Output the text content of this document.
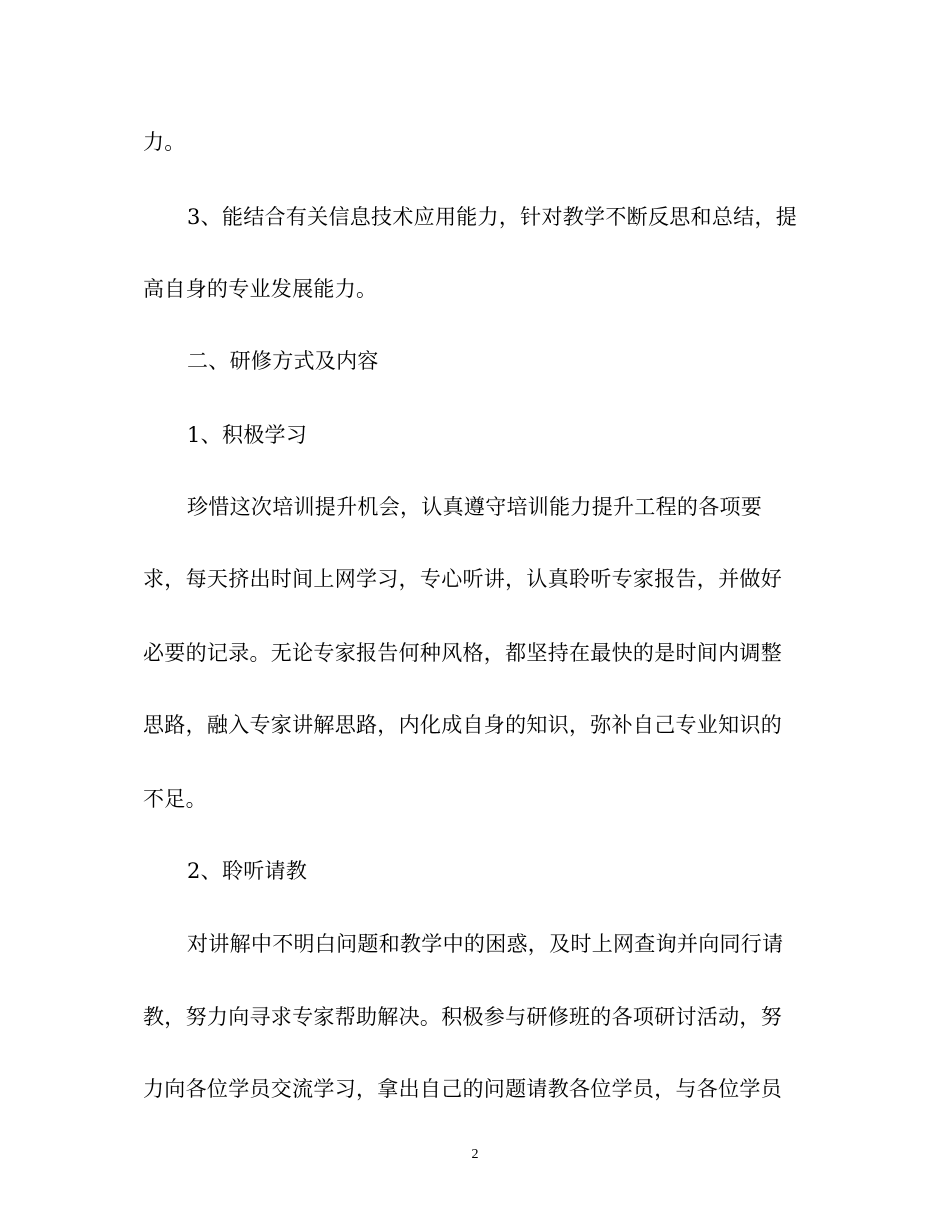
力。
3、能结合有关信息技术应用能力，针对教学不断反思和总结，提
高自身的专业发展能力。
二、研修方式及内容
1、积极学习
珍惜这次培训提升机会，认真遵守培训能力提升工程的各项要
求，每天挤出时间上网学习，专心听讲，认真聆听专家报告，并做好
必要的记录。无论专家报告何种风格，都坚持在最快的是时间内调整
思路，融入专家讲解思路，内化成自身的知识，弥补自己专业知识的
不足。
2、聆听请教
对讲解中不明白问题和教学中的困惑，及时上网查询并向同行请
教，努力向寻求专家帮助解决。积极参与研修班的各项研讨活动，努
力向各位学员交流学习，拿出自己的问题请教各位学员，与各位学员
2
